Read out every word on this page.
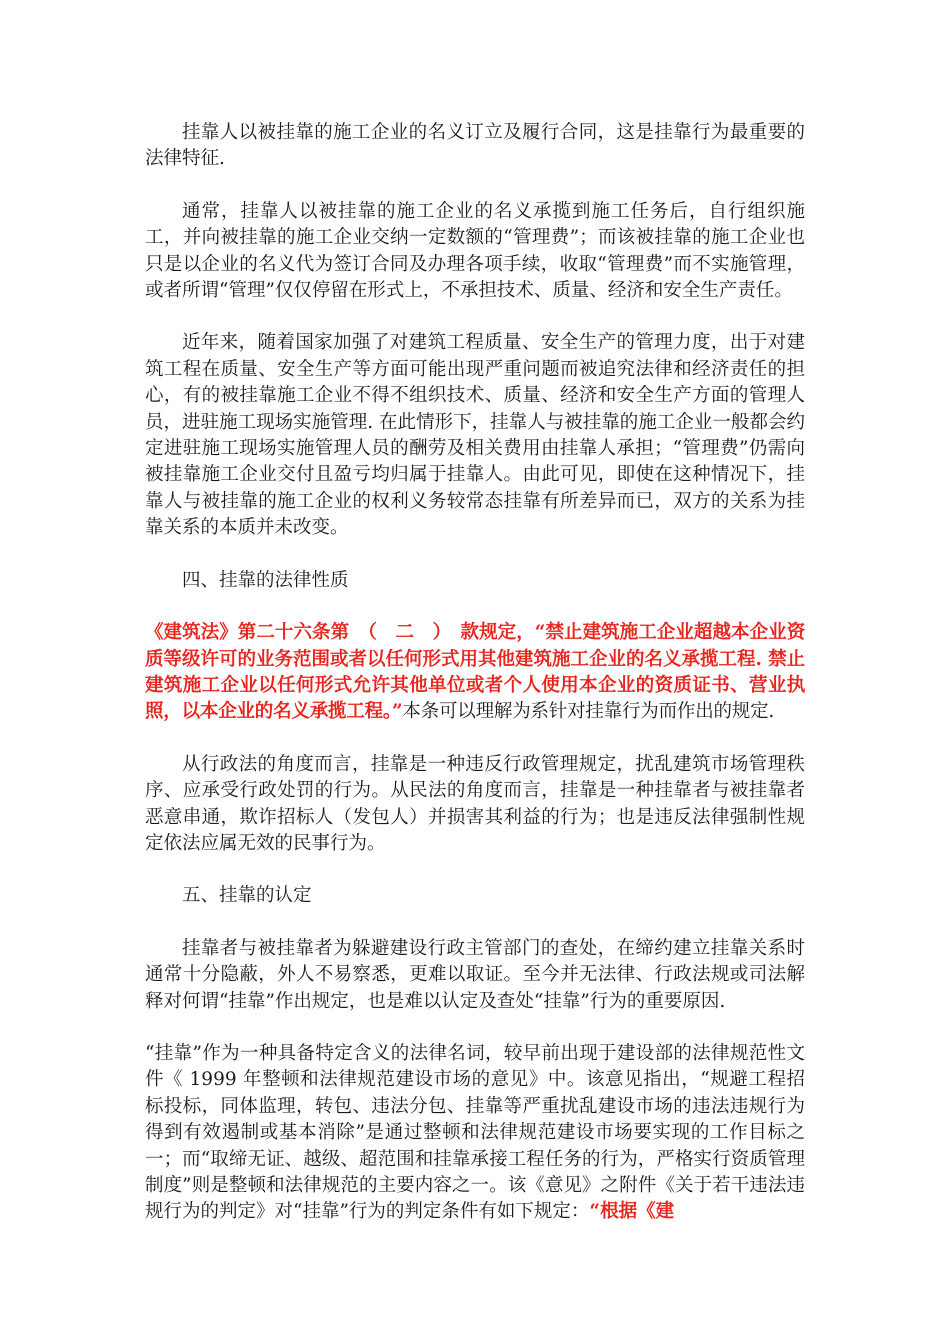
挂靠人以被挂靠的施工企业的名义订立及履行合同，这是挂靠行为最重要的法律特征.

通常，挂靠人以被挂靠的施工企业的名义承揽到施工任务后，自行组织施工，并向被挂靠的施工企业交纳一定数额的“管理费”；而该被挂靠的施工企业也只是以企业的名义代为签订合同及办理各项手续，收取“管理费”而不实施管理，或者所谓“管理”仅仅停留在形式上，不承担技术、质量、经济和安全生产责任。

近年来，随着国家加强了对建筑工程质量、安全生产的管理力度，出于对建筑工程在质量、安全生产等方面可能出现严重问题而被追究法律和经济责任的担心，有的被挂靠施工企业不得不组织技术、质量、经济和安全生产方面的管理人员，进驻施工现场实施管理. 在此情形下，挂靠人与被挂靠的施工企业一般都会约定进驻施工现场实施管理人员的酬劳及相关费用由挂靠人承担；“管理费”仍需向被挂靠施工企业交付且盈亏均归属于挂靠人。由此可见，即使在这种情况下，挂靠人与被挂靠的施工企业的权利义务较常态挂靠有所差异而已，双方的关系为挂靠关系的本质并未改变。

四、挂靠的法律性质

《建筑法》第二十六条第　（　二　）　款规定，“禁止建筑施工企业超越本企业资质等级许可的业务范围或者以任何形式用其他建筑施工企业的名义承揽工程. 禁止建筑施工企业以任何形式允许其他单位或者个人使用本企业的资质证书、营业执照，以本企业的名义承揽工程。”本条可以理解为系针对挂靠行为而作出的规定.

从行政法的角度而言，挂靠是一种违反行政管理规定，扰乱建筑市场管理秩序、应承受行政处罚的行为。从民法的角度而言，挂靠是一种挂靠者与被挂靠者恶意串通，欺诈招标人（发包人）并损害其利益的行为；也是违反法律强制性规定依法应属无效的民事行为。

五、挂靠的认定

挂靠者与被挂靠者为躲避建设行政主管部门的查处，在缔约建立挂靠关系时通常十分隐蔽，外人不易察悉，更难以取证。至今并无法律、行政法规或司法解释对何谓“挂靠”作出规定，也是难以认定及查处“挂靠”行为的重要原因.

“挂靠”作为一种具备特定含义的法律名词，较早前出现于建设部的法律规范性文件《 1999 年整顿和法律规范建设市场的意见》中。该意见指出，“规避工程招标投标，同体监理，转包、违法分包、挂靠等严重扰乱建设市场的违法违规行为得到有效遏制或基本消除”是通过整顿和法律规范建设市场要实现的工作目标之一；而“取缔无证、越级、超范围和挂靠承接工程任务的行为，严格实行资质管理制度”则是整顿和法律规范的主要内容之一。该《意见》之附件《关于若干违法违规行为的判定》对“挂靠”行为的判定条件有如下规定：“根据《建
